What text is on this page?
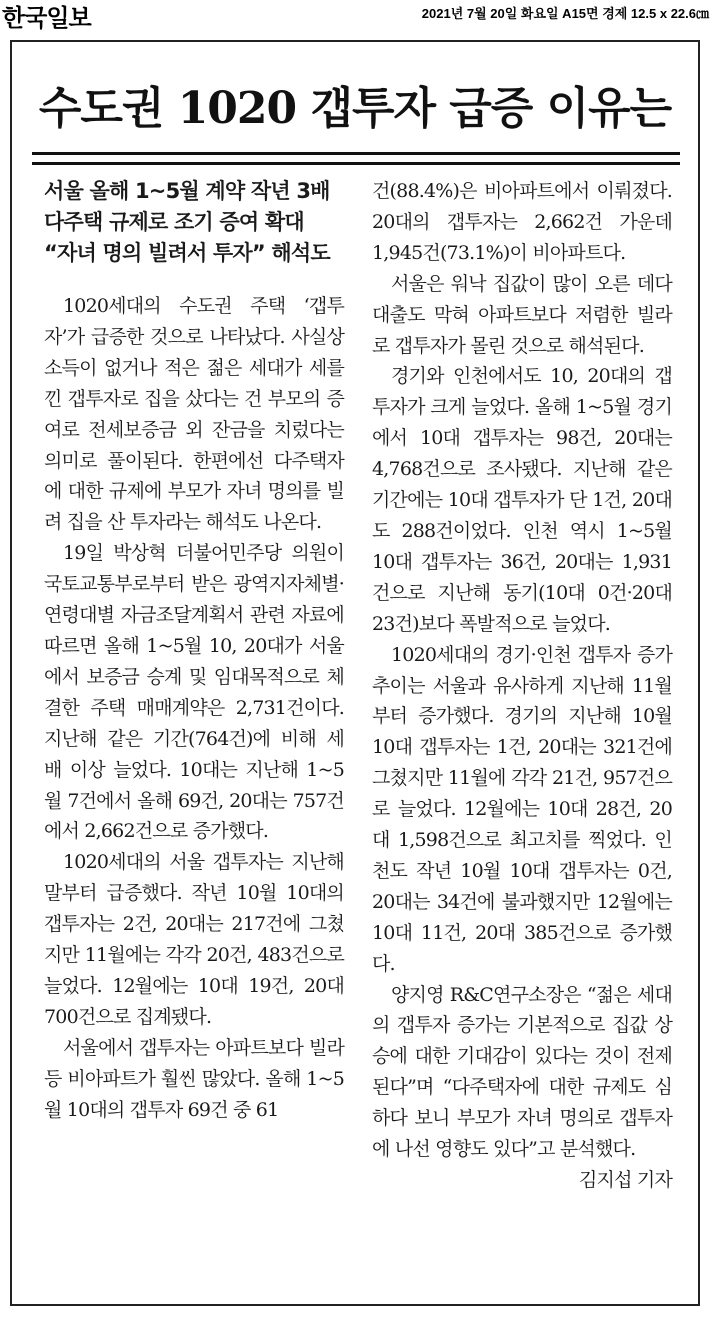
한국일보	2021년 7월 20일 화요일 A15면 경제 12.5 x 22.6㎝
수도권 1020 갭투자 급증 이유는
서울 올해 1~5월 계약 작년 3배
다주택 규제로 조기 증여 확대
“자녀 명의 빌려서 투자” 해석도

1020세대의 수도권 주택 ‘갭투자’가 급증한 것으로 나타났다. 사실상 소득이 없거나 적은 젊은 세대가 세를 낀 갭투자로 집을 샀다는 건 부모의 증여로 전세보증금 외 잔금을 치렀다는 의미로 풀이된다. 한편에선 다주택자에 대한 규제에 부모가 자녀 명의를 빌려 집을 산 투자라는 해석도 나온다.

19일 박상혁 더불어민주당 의원이 국토교통부로부터 받은 광역지자체별·연령대별 자금조달계획서 관련 자료에 따르면 올해 1~5월 10, 20대가 서울에서 보증금 승계 및 임대목적으로 체결한 주택 매매계약은 2,731건이다. 지난해 같은 기간(764건)에 비해 세 배 이상 늘었다. 10대는 지난해 1~5월 7건에서 올해 69건, 20대는 757건에서 2,662건으로 증가했다.

1020세대의 서울 갭투자는 지난해 말부터 급증했다. 작년 10월 10대의 갭투자는 2건, 20대는 217건에 그쳤지만 11월에는 각각 20건, 483건으로 늘었다. 12월에는 10대 19건, 20대 700건으로 집계됐다.

서울에서 갭투자는 아파트보다 빌라 등 비아파트가 훨씬 많았다. 올해 1~5월 10대의 갭투자 69건 중 61

건(88.4%)은 비아파트에서 이뤄졌다. 20대의 갭투자는 2,662건 가운데 1,945건(73.1%)이 비아파트다.

서울은 워낙 집값이 많이 오른 데다 대출도 막혀 아파트보다 저렴한 빌라로 갭투자가 몰린 것으로 해석된다.

경기와 인천에서도 10, 20대의 갭투자가 크게 늘었다. 올해 1~5월 경기에서 10대 갭투자는 98건, 20대는 4,768건으로 조사됐다. 지난해 같은 기간에는 10대 갭투자가 단 1건, 20대도 288건이었다. 인천 역시 1~5월 10대 갭투자는 36건, 20대는 1,931건으로 지난해 동기(10대 0건·20대 23건)보다 폭발적으로 늘었다.

1020세대의 경기·인천 갭투자 증가 추이는 서울과 유사하게 지난해 11월부터 증가했다. 경기의 지난해 10월 10대 갭투자는 1건, 20대는 321건에 그쳤지만 11월에 각각 21건, 957건으로 늘었다. 12월에는 10대 28건, 20대 1,598건으로 최고치를 찍었다. 인천도 작년 10월 10대 갭투자는 0건, 20대는 34건에 불과했지만 12월에는 10대 11건, 20대 385건으로 증가했다.

양지영 R&C연구소장은 “젊은 세대의 갭투자 증가는 기본적으로 집값 상승에 대한 기대감이 있다는 것이 전제된다”며 “다주택자에 대한 규제도 심하다 보니 부모가 자녀 명의로 갭투자에 나선 영향도 있다”고 분석했다.

김지섭 기자
